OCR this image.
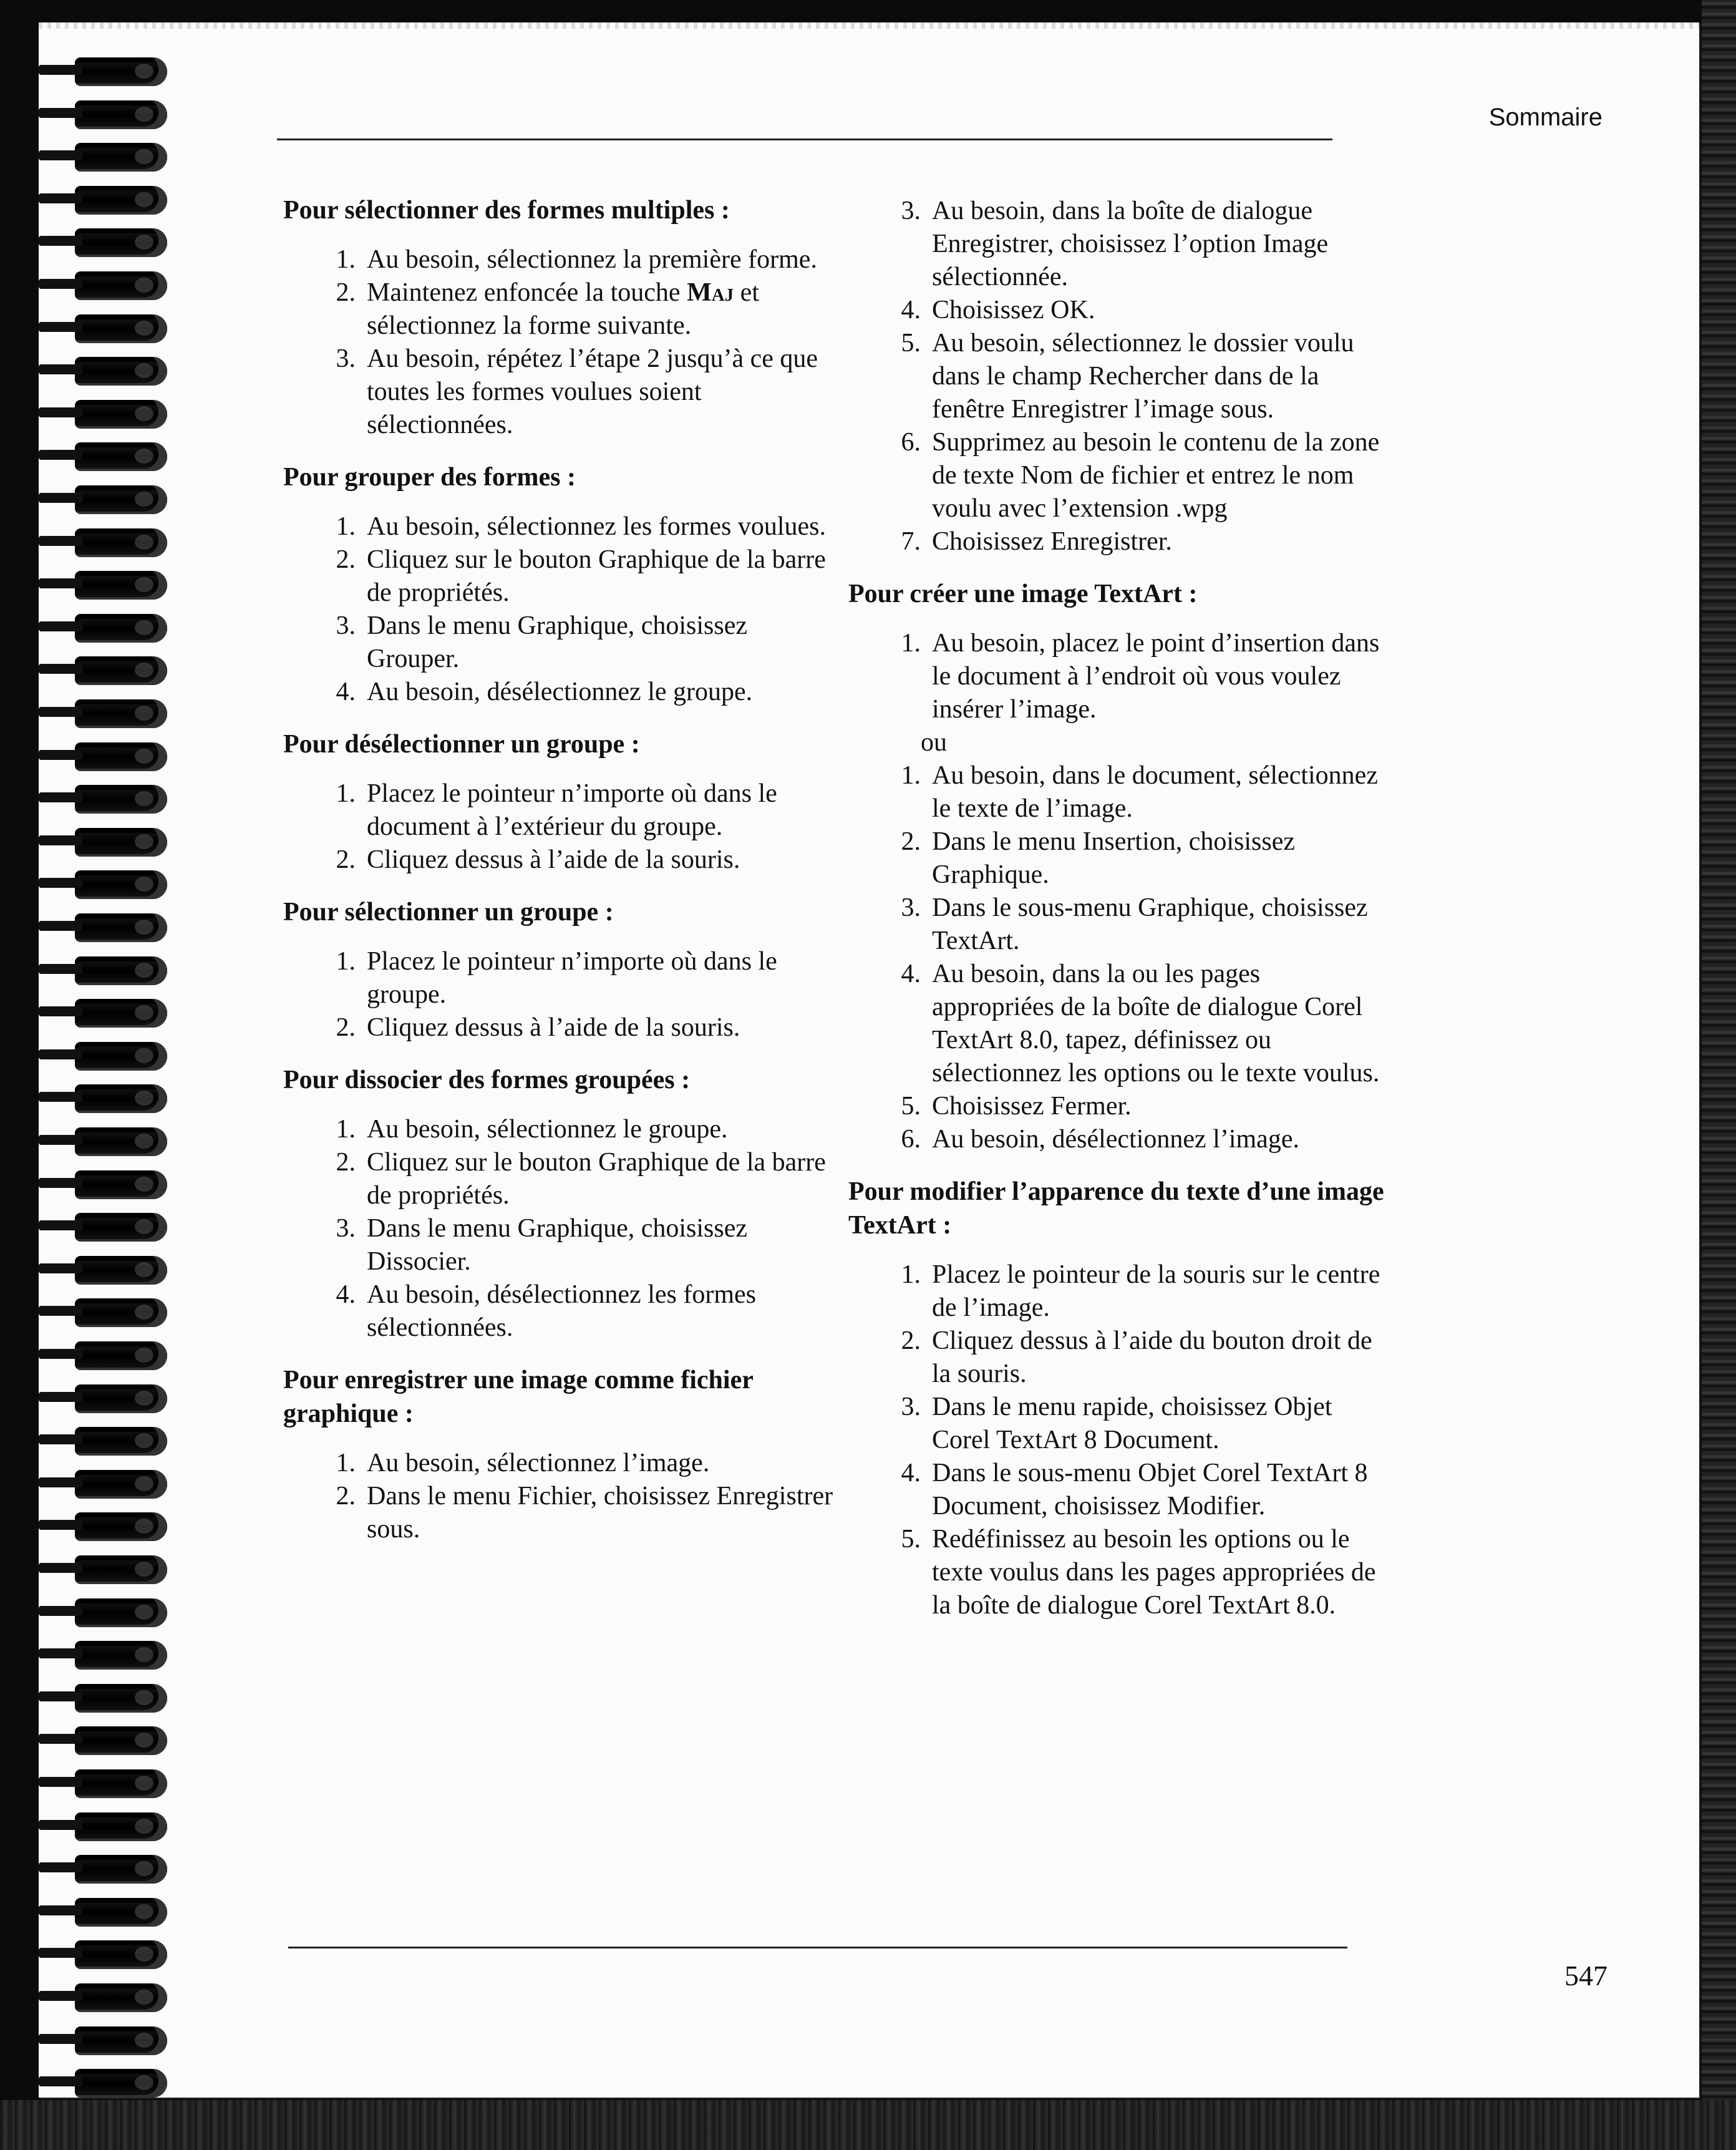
Sommaire
Pour sélectionner des formes multiples :
1. Au besoin, sélectionnez la première forme.
2. Maintenez enfoncée la touche Maj et sélectionnez la forme suivante.
3. Au besoin, répétez l’étape 2 jusqu’à ce que toutes les formes voulues soient sélectionnées.
Pour grouper des formes :
1. Au besoin, sélectionnez les formes voulues.
2. Cliquez sur le bouton Graphique de la barre de propriétés.
3. Dans le menu Graphique, choisissez Grouper.
4. Au besoin, désélectionnez le groupe.
Pour désélectionner un groupe :
1. Placez le pointeur n’importe où dans le document à l’extérieur du groupe.
2. Cliquez dessus à l’aide de la souris.
Pour sélectionner un groupe :
1. Placez le pointeur n’importe où dans le groupe.
2. Cliquez dessus à l’aide de la souris.
Pour dissocier des formes groupées :
1. Au besoin, sélectionnez le groupe.
2. Cliquez sur le bouton Graphique de la barre de propriétés.
3. Dans le menu Graphique, choisissez Dissocier.
4. Au besoin, désélectionnez les formes sélectionnées.
Pour enregistrer une image comme fichier graphique :
1. Au besoin, sélectionnez l’image.
2. Dans le menu Fichier, choisissez Enregistrer sous.
3. Au besoin, dans la boîte de dialogue Enregistrer, choisissez l’option Image sélectionnée.
4. Choisissez OK.
5. Au besoin, sélectionnez le dossier voulu dans le champ Rechercher dans de la fenêtre Enregistrer l’image sous.
6. Supprimez au besoin le contenu de la zone de texte Nom de fichier et entrez le nom voulu avec l’extension .wpg
7. Choisissez Enregistrer.
Pour créer une image TextArt :
1. Au besoin, placez le point d’insertion dans le document à l’endroit où vous voulez insérer l’image.
ou
1. Au besoin, dans le document, sélectionnez le texte de l’image.
2. Dans le menu Insertion, choisissez Graphique.
3. Dans le sous-menu Graphique, choisissez TextArt.
4. Au besoin, dans la ou les pages appropriées de la boîte de dialogue Corel TextArt 8.0, tapez, définissez ou sélectionnez les options ou le texte voulus.
5. Choisissez Fermer.
6. Au besoin, désélectionnez l’image.
Pour modifier l’apparence du texte d’une image TextArt :
1. Placez le pointeur de la souris sur le centre de l’image.
2. Cliquez dessus à l’aide du bouton droit de la souris.
3. Dans le menu rapide, choisissez Objet Corel TextArt 8 Document.
4. Dans le sous-menu Objet Corel TextArt 8 Document, choisissez Modifier.
5. Redéfinissez au besoin les options ou le texte voulus dans les pages appropriées de la boîte de dialogue Corel TextArt 8.0.
547
